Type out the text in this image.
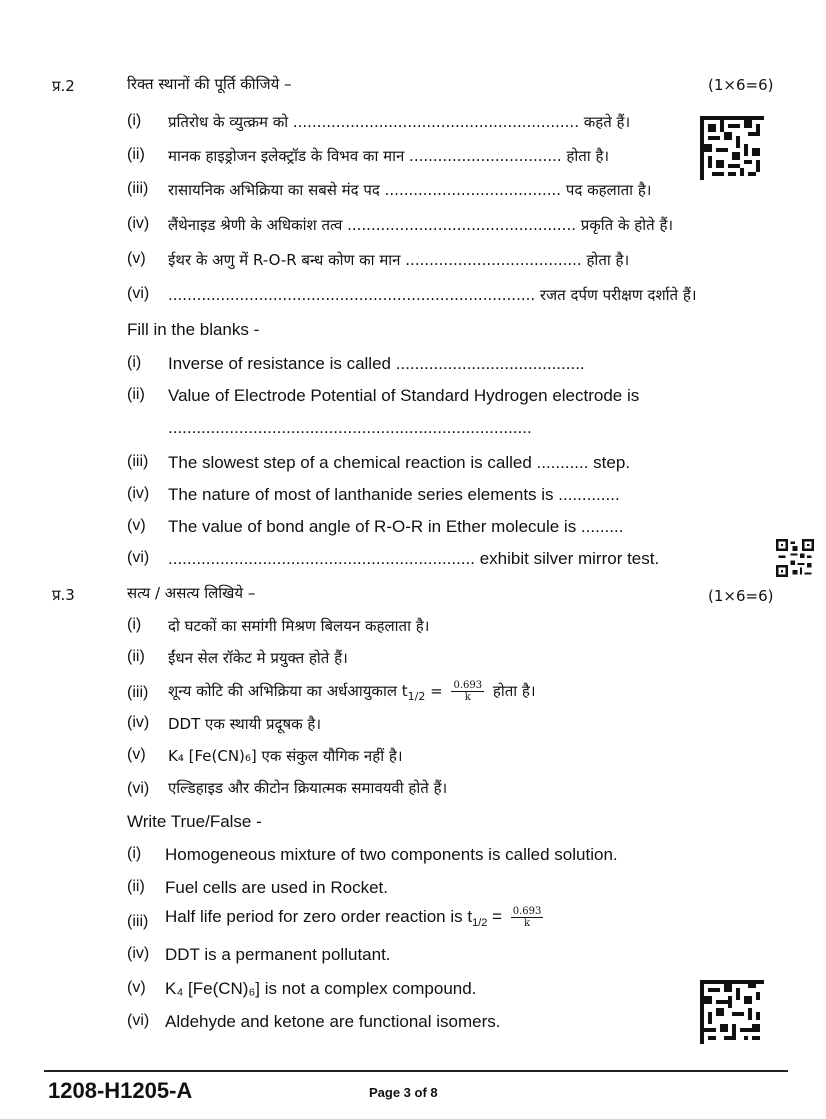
प्र.2	रिक्त स्थानों की पूर्ति कीजिये –	(1×6=6)
(i) प्रतिरोध के व्युत्क्रम को ............................................................ कहते हैं।
(ii) मानक हाइड्रोजन इलेक्ट्रॉड के विभव का मान ................................ होता है।
(iii) रासायनिक अभिक्रिया का सबसे मंद पद ..................................... पद कहलाता है।
(iv) लैंथेनाइड श्रेणी के अधिकांश तत्व ................................................ प्रकृति के होते हैं।
(v) ईथर के अणु में R-O-R बन्ध कोण का मान ..................................... होता है।
(vi) ............................................................................. रजत दर्पण परीक्षण दर्शाते हैं।
Fill in the blanks -
(i) Inverse of resistance is called ........................................
(ii) Value of Electrode Potential of Standard Hydrogen electrode is
.............................................................................
(iii) The slowest step of a chemical reaction is called ........... step.
(iv) The nature of most of lanthanide series elements is .............
(v) The value of bond angle of R-O-R in Ether molecule is .........
(vi) ................................................................. exhibit silver mirror test.
प्र.3	सत्य / असत्य लिखिये –	(1×6=6)
(i) दो घटकों का समांगी मिश्रण बिलयन कहलाता है।
(ii) ईंधन सेल रॉकेट मे प्रयुक्त होते हैं।
(iii) शून्य कोटि की अभिक्रिया का अर्धआयुकाल $t_{1/2} = \frac{0.693}{k}$ होता है।
(iv) DDT एक स्थायी प्रदूषक है।
(v) K₄ [Fe(CN)₆] एक संकुल यौगिक नहीं है।
(vi) एल्डिहाइड और कीटोन क्रियात्मक समावयवी होते हैं।
Write True/False -
(i) Homogeneous mixture of two components is called solution.
(ii) Fuel cells are used in Rocket.
(iii) Half life period for zero order reaction is $t_{1/2} = \frac{0.693}{k}$
(iv) DDT is a permanent pollutant.
(v) K₄ [Fe(CN)₆] is not a complex compound.
(vi) Aldehyde and ketone are functional isomers.
1208-H1205-A	Page 3 of 8
